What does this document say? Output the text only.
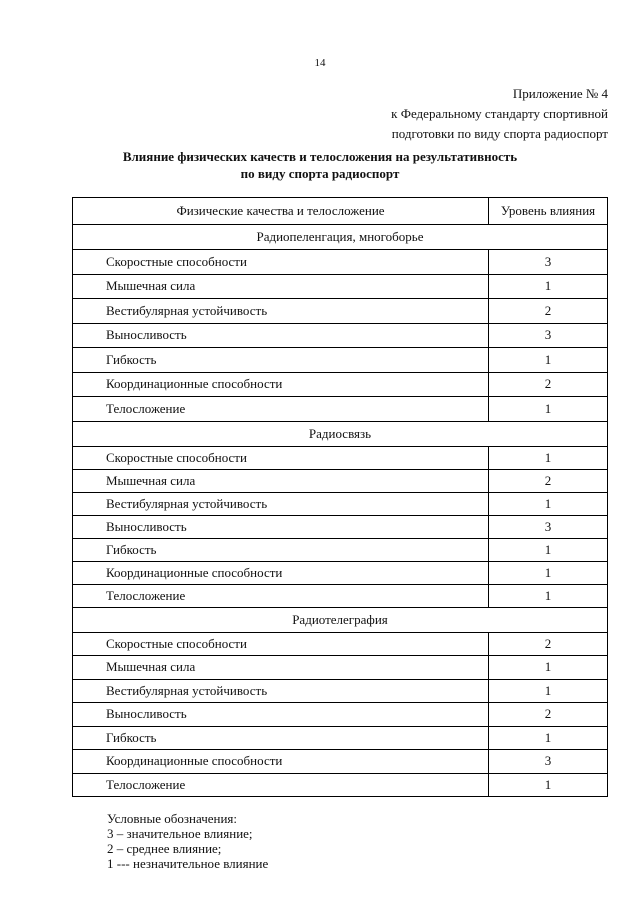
14
Приложение № 4
к Федеральному стандарту спортивной
подготовки по виду спорта радиоспорт
Влияние физических качеств и телосложения на результативность
по виду спорта радиоспорт
Физические качества и телосложение	Уровень влияния
Радиопеленгация, многоборье	
Скоростные способности	3
Мышечная сила	1
Вестибулярная устойчивость	2
Выносливость	3
Гибкость	1
Координационные способности	2
Телосложение	1
Радиосвязь	
Скоростные способности	1
Мышечная сила	2
Вестибулярная устойчивость	1
Выносливость	3
Гибкость	1
Координационные способности	1
Телосложение	1
Радиотелеграфия	
Скоростные способности	2
Мышечная сила	1
Вестибулярная устойчивость	1
Выносливость	2
Гибкость	1
Координационные способности	3
Телосложение	1
Условные обозначения:
3 – значительное влияние;
2 – среднее влияние;
1 --- незначительное влияние
